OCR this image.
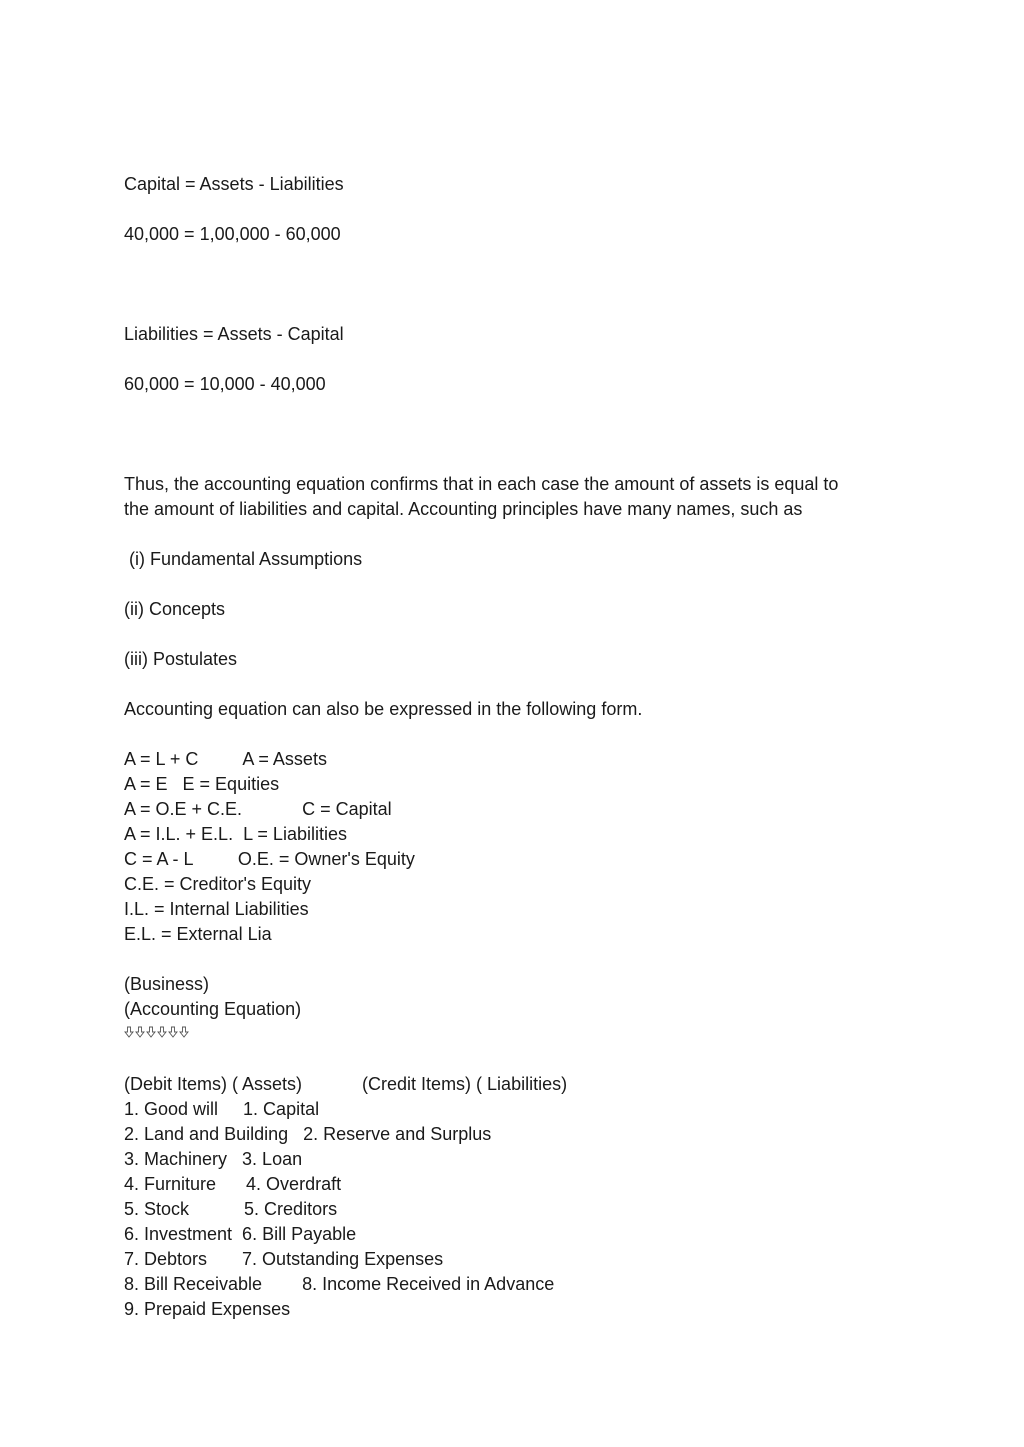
Capital = Assets - Liabilities
40,000 = 1,00,000 - 60,000
Liabilities = Assets - Capital
60,000 = 10,000 - 40,000
Thus, the accounting equation confirms that in each case the amount of assets is equal to
the amount of liabilities and capital. Accounting principles have many names, such as
(i) Fundamental Assumptions
(ii) Concepts
(iii) Postulates
Accounting equation can also be expressed in the following form.
A = L + C         A = Assets
A = E   E = Equities
A = O.E + C.E.            C = Capital
A = I.L. + E.L.  L = Liabilities
C = A - L         O.E. = Owner's Equity
C.E. = Creditor's Equity
I.L. = Internal Liabilities
E.L. = External Lia
(Business)
(Accounting Equation)
(Debit Items) ( Assets)            (Credit Items) ( Liabilities)
1. Good will     1. Capital
2. Land and Building   2. Reserve and Surplus
3. Machinery   3. Loan
4. Furniture      4. Overdraft
5. Stock           5. Creditors
6. Investment  6. Bill Payable
7. Debtors       7. Outstanding Expenses
8. Bill Receivable        8. Income Received in Advance
9. Prepaid Expenses
